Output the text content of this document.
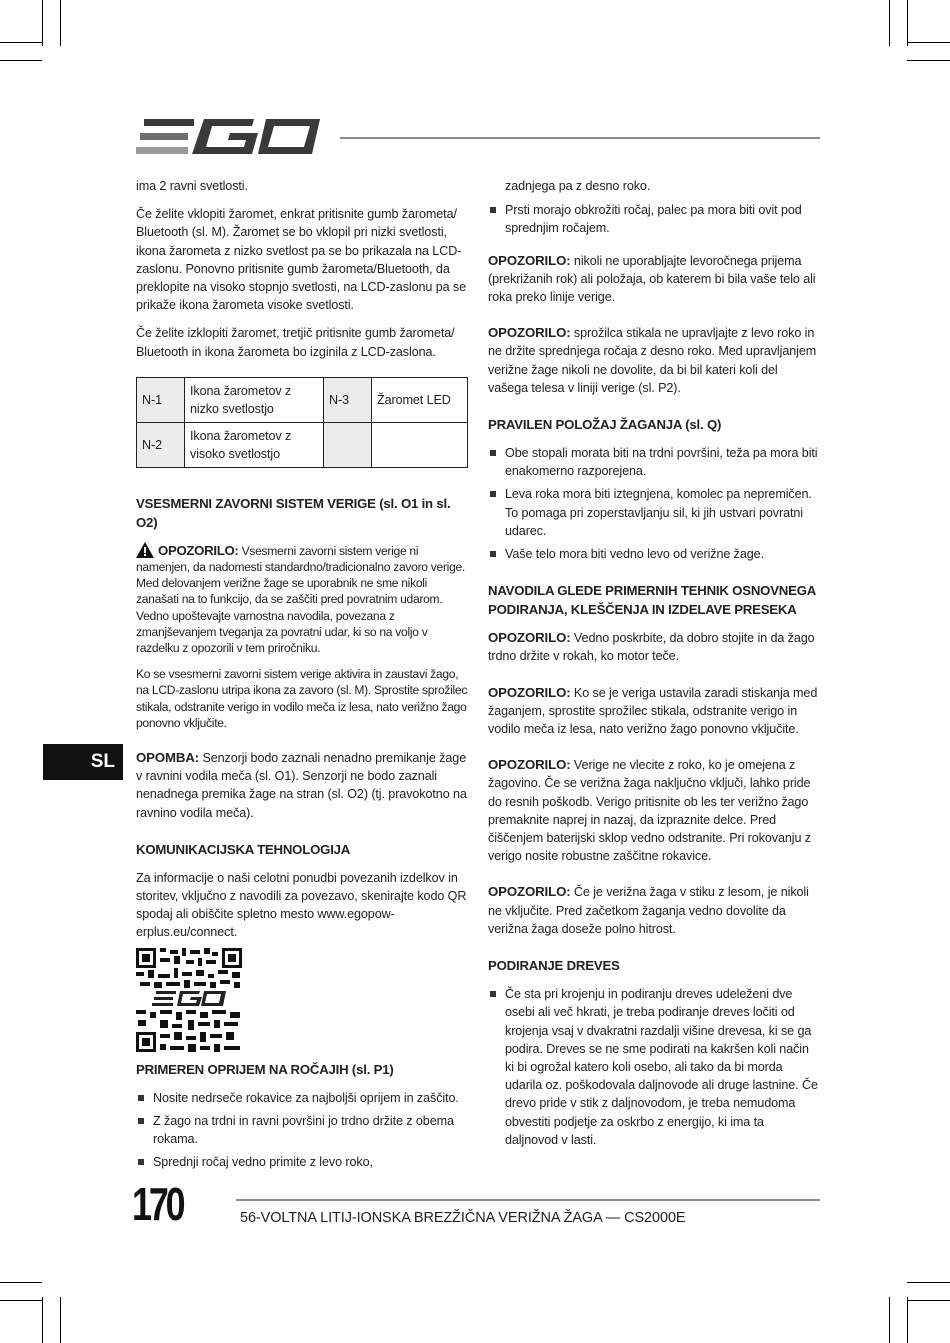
SL

ima 2 ravni svetlosti.

Če želite vklopiti žaromet, enkrat pritisnite gumb žarometa/ Bluetooth (sl. M). Žaromet se bo vklopil pri nizki svetlosti, ikona žarometa z nizko svetlost pa se bo prikazala na LCD-zaslonu. Ponovno pritisnite gumb žarometa/Bluetooth, da preklopite na visoko stopnjo svetlosti, na LCD-zaslonu pa se prikaže ikona žarometa visoke svetlosti.

Če želite izklopiti žaromet, tretjič pritisnite gumb žarometa/ Bluetooth in ikona žarometa bo izginila z LCD-zaslona.

N-1	Ikona žarometov z nizko svetlostjo	N-3	Žaromet LED
N-2	Ikona žarometov z visoko svetlostjo		
VSESMERNI ZAVORNI SISTEM VERIGE (sl. O1 in sl. O2)

OPOZORILO: Vsesmerni zavorni sistem verige ni namenjen, da nadomesti standardno/tradicionalno zavoro verige. Med delovanjem verižne žage se uporabnik ne sme nikoli zanašati na to funkcijo, da se zaščiti pred povratnim udarom. Vedno upoštevajte varnostna navodila, povezana z zmanjševanjem tveganja za povratni udar, ki so na voljo v razdelku z opozorili v tem priročniku.

Ko se vsesmerni zavorni sistem verige aktivira in zaustavi žago, na LCD-zaslonu utripa ikona za zavoro (sl. M). Sprostite sprožilec stikala, odstranite verigo in vodilo meča iz lesa, nato verižno žago ponovno vključite.

OPOMBA: Senzorji bodo zaznali nenadno premikanje žage v ravnini vodila meča (sl. O1). Senzorji ne bodo zaznali nenadnega premika žage na stran (sl. O2) (tj. pravokotno na ravnino vodila meča).

KOMUNIKACIJSKA TEHNOLOGIJA

Za informacije o naši celotni ponudbi povezanih izdelkov in storitev, vključno z navodili za povezavo, skenirajte kodo QR spodaj ali obiščite spletno mesto www.egopow-erplus.eu/connect.

PRIMEREN OPRIJEM NA ROČAJIH (sl. P1)
Nosite nedrseče rokavice za najboljši oprijem in zaščito.
Z žago na trdni in ravni površini jo trdno držite z obema rokama.
Sprednji ročaj vedno primite z levo roko,

zadnjega pa z desno roko.

Prsti morajo obkrožiti ročaj, palec pa mora biti ovit pod sprednjim ročajem.

OPOZORILO: nikoli ne uporabljajte levoročnega prijema (prekrižanih rok) ali položaja, ob katerem bi bila vaše telo ali roka preko linije verige.

OPOZORILO: sprožilca stikala ne upravljajte z levo roko in ne držite sprednjega ročaja z desno roko. Med upravljanjem verižne žage nikoli ne dovolite, da bi bil kateri koli del vašega telesa v liniji verige (sl. P2).

PRAVILEN POLOŽAJ ŽAGANJA (sl. Q)
Obe stopali morata biti na trdni površini, teža pa mora biti enakomerno razporejena.
Leva roka mora biti iztegnjena, komolec pa nepremičen. To pomaga pri zoperstavljanju sil, ki jih ustvari povratni udarec.
Vaše telo mora biti vedno levo od verižne žage.
NAVODILA GLEDE PRIMERNIH TEHNIK OSNOVNEGA PODIRANJA, KLEŠČENJA IN IZDELAVE PRESEKA

OPOZORILO: Vedno poskrbite, da dobro stojite in da žago trdno držite v rokah, ko motor teče.

OPOZORILO: Ko se je veriga ustavila zaradi stiskanja med žaganjem, sprostite sprožilec stikala, odstranite verigo in vodilo meča iz lesa, nato verižno žago ponovno vključite.

OPOZORILO: Verige ne vlecite z roko, ko je omejena z žagovino. Če se verižna žaga naključno vključi, lahko pride do resnih poškodb. Verigo pritisnite ob les ter verižno žago premaknite naprej in nazaj, da izpraznite delce. Pred čiščenjem baterijski sklop vedno odstranite. Pri rokovanju z verigo nosite robustne zaščitne rokavice.

OPOZORILO: Če je verižna žaga v stiku z lesom, je nikoli ne vključite. Pred začetkom žaganja vedno dovolite da verižna žaga doseže polno hitrost.

PODIRANJE DREVES
Če sta pri krojenju in podiranju dreves udeleženi dve osebi ali več hkrati, je treba podiranje dreves ločiti od krojenja vsaj v dvakratni razdalji višine drevesa, ki se ga podira. Dreves se ne sme podirati na kakršen koli način ki bi ogrožal katero koli osebo, ali tako da bi morda udarila oz. poškodovala daljnovode ali druge lastnine. Če drevo pride v stik z daljnovodom, je treba nemudoma obvestiti podjetje za oskrbo z energijo, ki ima ta daljnovod v lasti.
170	56-VOLTNA LITIJ-IONSKA BREZŽIČNA VERIŽNA ŽAGA — CS2000E
